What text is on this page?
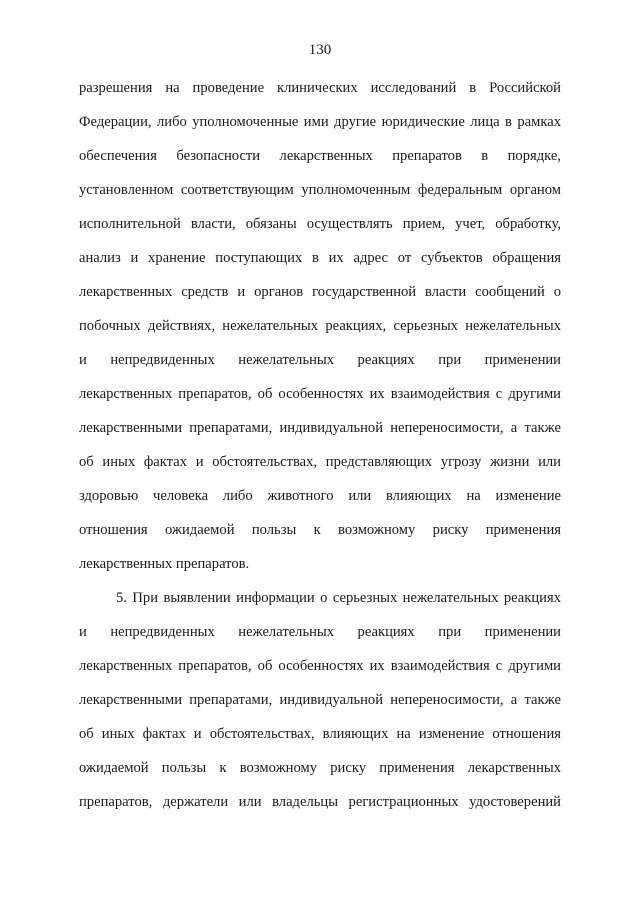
130
разрешения на проведение клинических исследований в Российской
Федерации, либо уполномоченные ими другие юридические лица в рамках
обеспечения безопасности лекарственных препаратов в порядке,
установленном соответствующим уполномоченным федеральным органом
исполнительной власти, обязаны осуществлять прием, учет, обработку,
анализ и хранение поступающих в их адрес от субъектов обращения
лекарственных средств и органов государственной власти сообщений о
побочных действиях, нежелательных реакциях, серьезных нежелательных
и непредвиденных нежелательных реакциях при применении
лекарственных препаратов, об особенностях их взаимодействия с другими
лекарственными препаратами, индивидуальной непереносимости, а также
об иных фактах и обстоятельствах, представляющих угрозу жизни или
здоровью человека либо животного или влияющих на изменение
отношения ожидаемой пользы к возможному риску применения
лекарственных препаратов.
5. При выявлении информации о серьезных нежелательных реакциях
и непредвиденных нежелательных реакциях при применении
лекарственных препаратов, об особенностях их взаимодействия с другими
лекарственными препаратами, индивидуальной непереносимости, а также
об иных фактах и обстоятельствах, влияющих на изменение отношения
ожидаемой пользы к возможному риску применения лекарственных
препаратов, держатели или владельцы регистрационных удостоверений
